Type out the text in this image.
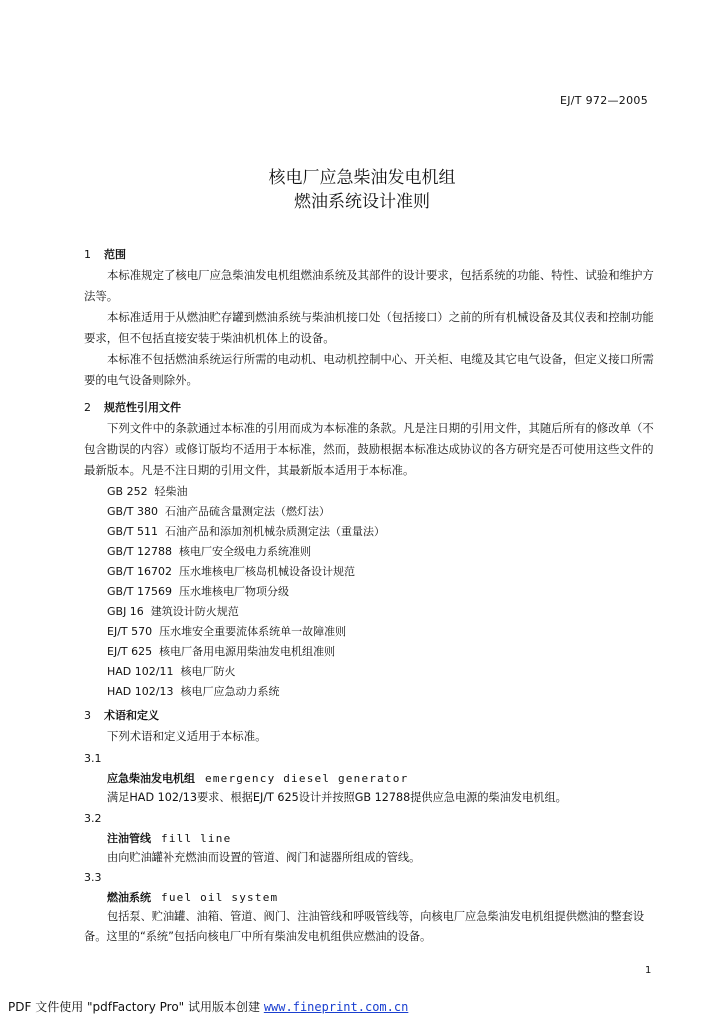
EJ/T 972—2005
核电厂应急柴油发电机组
燃油系统设计准则
1 范围
本标准规定了核电厂应急柴油发电机组燃油系统及其部件的设计要求，包括系统的功能、特性、试验和维护方法等。
本标准适用于从燃油贮存罐到燃油系统与柴油机接口处（包括接口）之前的所有机械设备及其仪表和控制功能要求，但不包括直接安装于柴油机机体上的设备。
本标准不包括燃油系统运行所需的电动机、电动机控制中心、开关柜、电缆及其它电气设备，但定义接口所需要的电气设备则除外。
2 规范性引用文件
下列文件中的条款通过本标准的引用而成为本标准的条款。凡是注日期的引用文件，其随后所有的修改单（不包含勘误的内容）或修订版均不适用于本标准，然而，鼓励根据本标准达成协议的各方研究是否可使用这些文件的最新版本。凡是不注日期的引用文件，其最新版本适用于本标准。
GB 252  轻柴油
GB/T 380  石油产品硫含量测定法（燃灯法）
GB/T 511  石油产品和添加剂机械杂质测定法（重量法）
GB/T 12788  核电厂安全级电力系统准则
GB/T 16702  压水堆核电厂核岛机械设备设计规范
GB/T 17569  压水堆核电厂物项分级
GBJ 16  建筑设计防火规范
EJ/T 570  压水堆安全重要流体系统单一故障准则
EJ/T 625  核电厂备用电源用柴油发电机组准则
HAD 102/11  核电厂防火
HAD 102/13  核电厂应急动力系统
3 术语和定义
下列术语和定义适用于本标准。
3.1
应急柴油发电机组 emergency diesel generator
满足HAD 102/13要求、根据EJ/T 625设计并按照GB 12788提供应急电源的柴油发电机组。
3.2
注油管线 fill line
由向贮油罐补充燃油而设置的管道、阀门和滤器所组成的管线。
3.3
燃油系统 fuel oil system
包括泵、贮油罐、油箱、管道、阀门、注油管线和呼吸管线等，向核电厂应急柴油发电机组提供燃油的整套设备。这里的“系统”包括向核电厂中所有柴油发电机组供应燃油的设备。
1
PDF 文件使用 "pdfFactory Pro" 试用版本创建 www.fineprint.com.cn
